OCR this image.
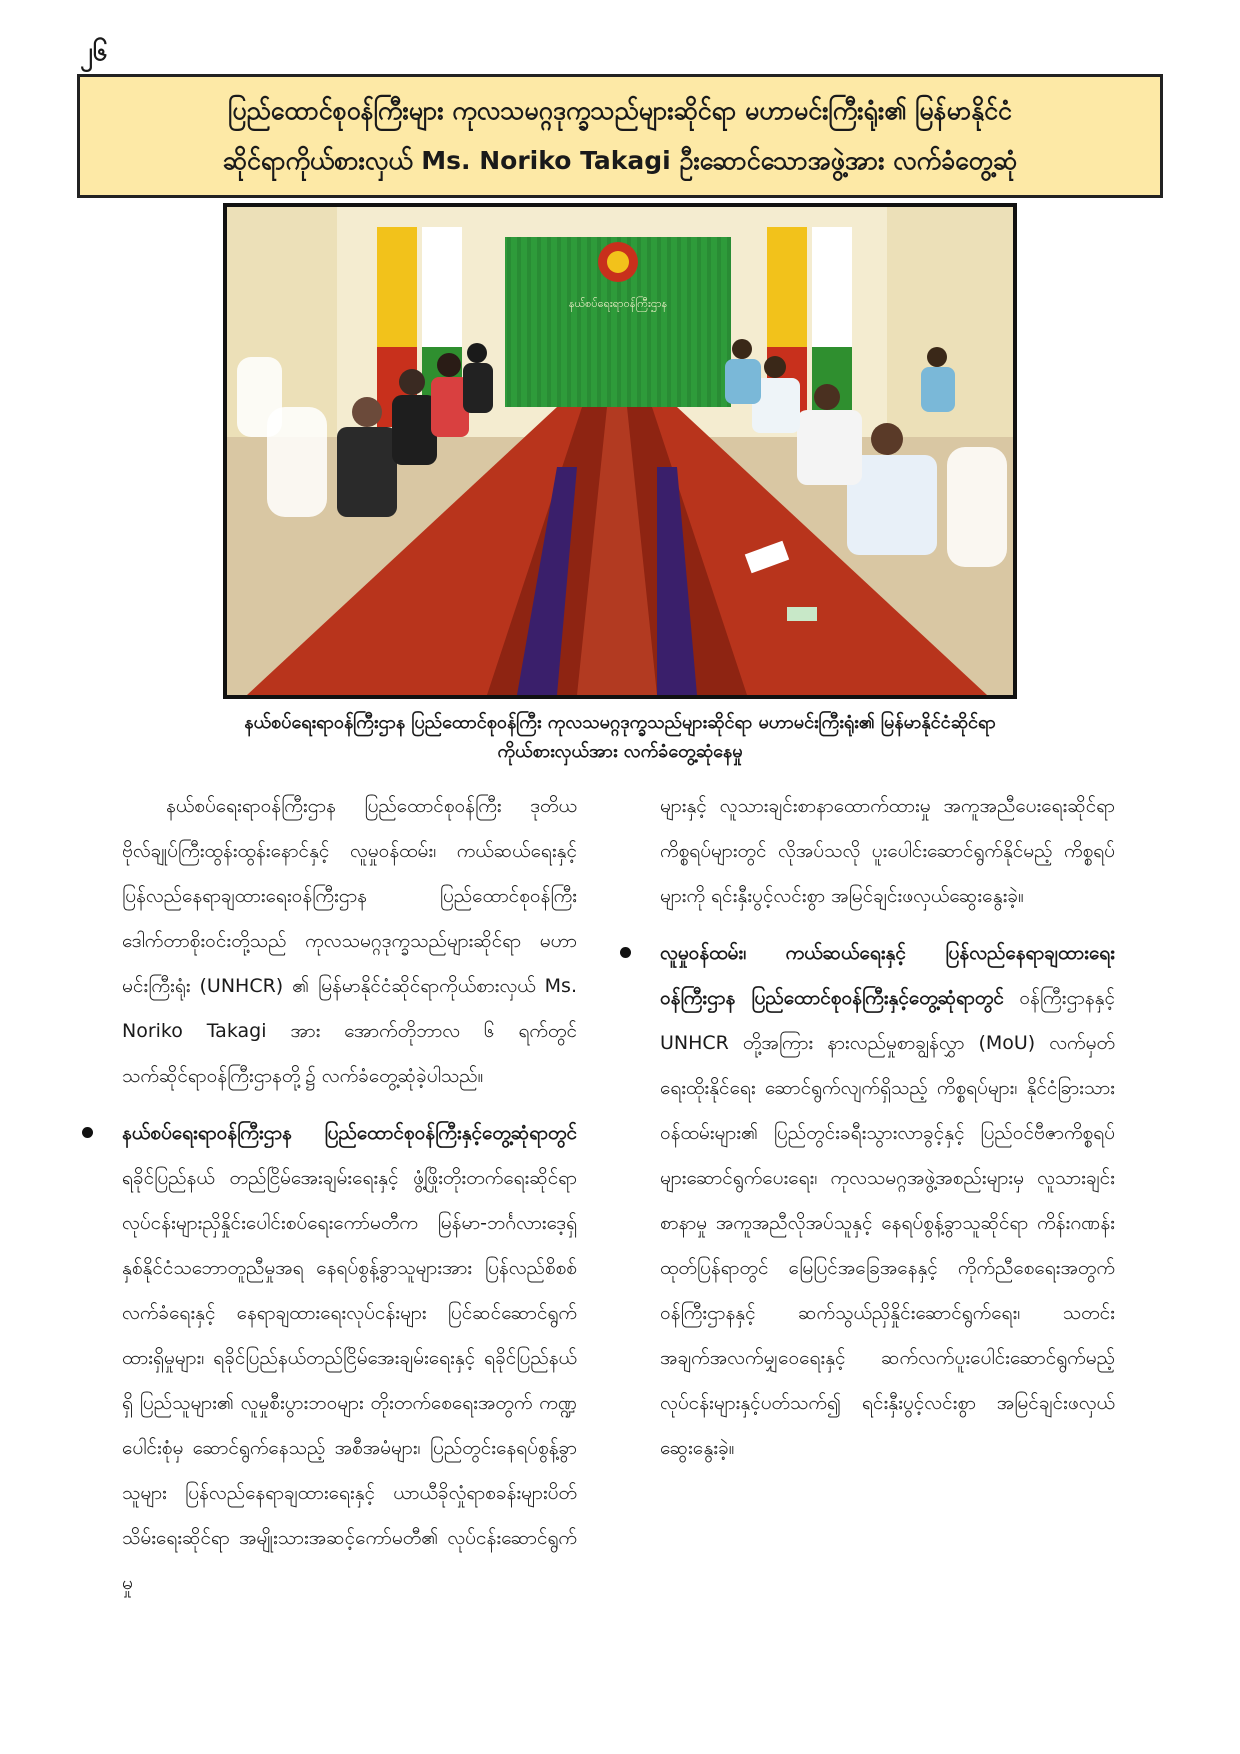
၂၆
ပြည်ထောင်စုဝန်ကြီးများ ကုလသမဂ္ဂဒုက္ခသည်များဆိုင်ရာ မဟာမင်းကြီးရုံး၏ မြန်မာနိုင်ငံ
ဆိုင်ရာကိုယ်စားလှယ် Ms. Noriko Takagi ဦးဆောင်သောအဖွဲ့အား လက်ခံတွေ့ဆုံ
နယ်စပ်ရေးရာဝန်ကြီးဌာန
နယ်စပ်ရေးရာဝန်ကြီးဌာန ပြည်ထောင်စုဝန်ကြီး ကုလသမဂ္ဂဒုက္ခသည်များဆိုင်ရာ မဟာမင်းကြီးရုံး၏ မြန်မာနိုင်ငံဆိုင်ရာ
ကိုယ်စားလှယ်အား လက်ခံတွေ့ဆုံနေမှု

နယ်စပ်ရေးရာဝန်ကြီးဌာန ပြည်ထောင်စုဝန်ကြီး ဒုတိယဗိုလ်ချုပ်ကြီးထွန်းထွန်းနောင်နှင့် လူမှုဝန်ထမ်း၊ ကယ်ဆယ်ရေးနှင့် ပြန်လည်နေရာချထားရေးဝန်ကြီးဌာန ပြည်ထောင်စုဝန်ကြီး ဒေါက်တာစိုးဝင်းတို့သည် ကုလသမဂ္ဂဒုက္ခသည်များဆိုင်ရာ မဟာမင်းကြီးရုံး (UNHCR) ၏ မြန်မာနိုင်ငံဆိုင်ရာကိုယ်စားလှယ် Ms. Noriko Takagi အား အောက်တိုဘာလ ၆ ရက်တွင် သက်ဆိုင်ရာဝန်ကြီးဌာနတို့၌ လက်ခံတွေ့ဆုံခဲ့ပါသည်။

နယ်စပ်ရေးရာဝန်ကြီးဌာန ပြည်ထောင်စုဝန်ကြီးနှင့်တွေ့ဆုံရာတွင် ရခိုင်ပြည်နယ် တည်ငြိမ်အေးချမ်းရေးနှင့် ဖွံ့ဖြိုးတိုးတက်ရေးဆိုင်ရာလုပ်ငန်းများညှိနှိုင်းပေါင်းစပ်ရေးကော်မတီက မြန်မာ-ဘင်္ဂလားဒေ့ရှ် နှစ်နိုင်ငံသဘောတူညီမှုအရ နေရပ်စွန့်ခွာသူများအား ပြန်လည်စိစစ်လက်ခံရေးနှင့် နေရာချထားရေးလုပ်ငန်းများ ပြင်ဆင်ဆောင်ရွက်ထားရှိမှုများ၊ ရခိုင်ပြည်နယ်တည်ငြိမ်အေးချမ်းရေးနှင့် ရခိုင်ပြည်နယ်ရှိ ပြည်သူများ၏ လူမှုစီးပွားဘဝများ တိုးတက်စေရေးအတွက် ကဏ္ဍပေါင်းစုံမှ ဆောင်ရွက်နေသည့် အစီအမံများ၊ ပြည်တွင်းနေရပ်စွန့်ခွာသူများ ပြန်လည်နေရာချထားရေးနှင့် ယာယီခိုလှုံရာစခန်းများပိတ်သိမ်းရေးဆိုင်ရာ အမျိုးသားအဆင့်ကော်မတီ၏ လုပ်ငန်းဆောင်ရွက်မှု

များနှင့် လူသားချင်းစာနာထောက်ထားမှု အကူအညီပေးရေးဆိုင်ရာကိစ္စရပ်များတွင် လိုအပ်သလို ပူးပေါင်းဆောင်ရွက်နိုင်မည့် ကိစ္စရပ်များကို ရင်းနှီးပွင့်လင်းစွာ အမြင်ချင်းဖလှယ်ဆွေးနွေးခဲ့။

လူမှုဝန်ထမ်း၊ ကယ်ဆယ်ရေးနှင့် ပြန်လည်နေရာချထားရေးဝန်ကြီးဌာန ပြည်ထောင်စုဝန်ကြီးနှင့်တွေ့ဆုံရာတွင် ဝန်ကြီးဌာနနှင့် UNHCR တို့အကြား နားလည်မှုစာချွန်လွှာ (MoU) လက်မှတ်ရေးထိုးနိုင်ရေး ဆောင်ရွက်လျက်ရှိသည့် ကိစ္စရပ်များ၊ နိုင်ငံခြားသားဝန်ထမ်းများ၏ ပြည်တွင်းခရီးသွားလာခွင့်နှင့် ပြည်ဝင်ဗီဇာကိစ္စရပ်များဆောင်ရွက်ပေးရေး၊ ကုလသမဂ္ဂအဖွဲ့အစည်းများမှ လူသားချင်းစာနာမှု အကူအညီလိုအပ်သူနှင့် နေရပ်စွန့်ခွာသူဆိုင်ရာ ကိန်းဂဏန်းထုတ်ပြန်ရာတွင် မြေပြင်အခြေအနေနှင့် ကိုက်ညီစေရေးအတွက် ဝန်ကြီးဌာနနှင့် ဆက်သွယ်ညှိနှိုင်းဆောင်ရွက်ရေး၊ သတင်းအချက်အလက်မျှဝေရေးနှင့် ဆက်လက်ပူးပေါင်းဆောင်ရွက်မည့်လုပ်ငန်းများနှင့်ပတ်သက်၍ ရင်းနှီးပွင့်လင်းစွာ အမြင်ချင်းဖလှယ်ဆွေးနွေးခဲ့။
